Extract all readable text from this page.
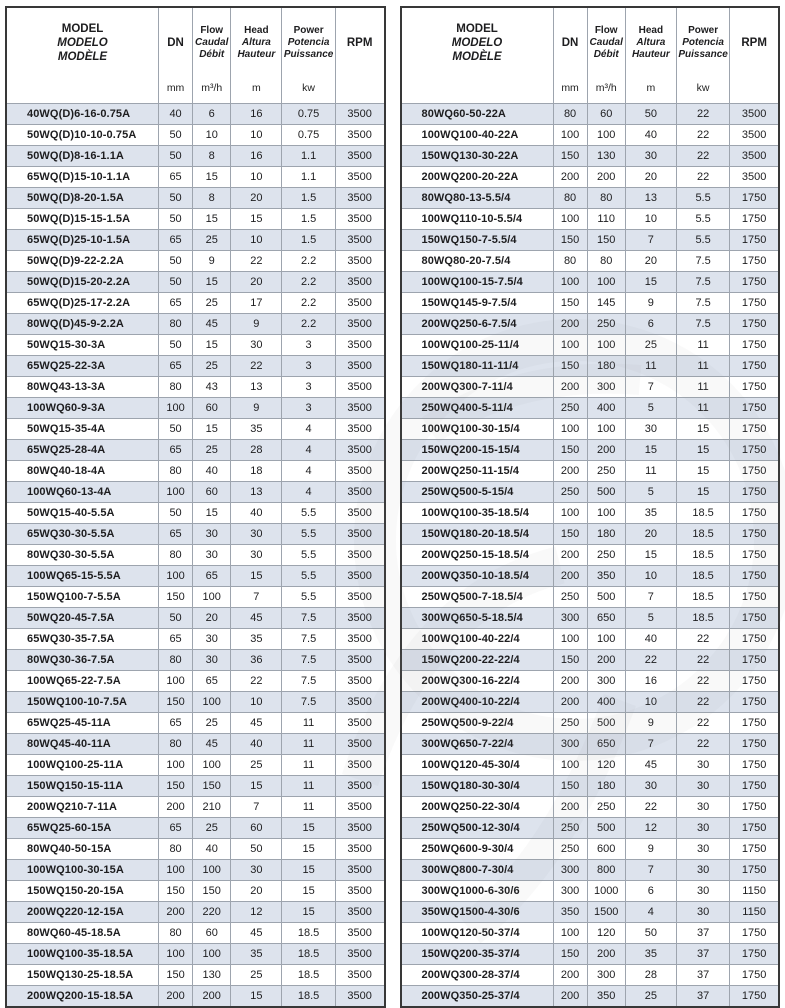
MODEL
MODELO
MODÈLE

DN
mm

Flow
Caudal
Débit
m³/h

Head
Altura
Hauteur
m

Power
Potencia
Puissance
kw

RPM

40WQ(D)6-16-0.75A	40	6	16	0.75	3500
50WQ(D)10-10-0.75A	50	10	10	0.75	3500
50WQ(D)8-16-1.1A	50	8	16	1.1	3500
65WQ(D)15-10-1.1A	65	15	10	1.1	3500
50WQ(D)8-20-1.5A	50	8	20	1.5	3500
50WQ(D)15-15-1.5A	50	15	15	1.5	3500
65WQ(D)25-10-1.5A	65	25	10	1.5	3500
50WQ(D)9-22-2.2A	50	9	22	2.2	3500
50WQ(D)15-20-2.2A	50	15	20	2.2	3500
65WQ(D)25-17-2.2A	65	25	17	2.2	3500
80WQ(D)45-9-2.2A	80	45	9	2.2	3500
50WQ15-30-3A	50	15	30	3	3500
65WQ25-22-3A	65	25	22	3	3500
80WQ43-13-3A	80	43	13	3	3500
100WQ60-9-3A	100	60	9	3	3500
50WQ15-35-4A	50	15	35	4	3500
65WQ25-28-4A	65	25	28	4	3500
80WQ40-18-4A	80	40	18	4	3500
100WQ60-13-4A	100	60	13	4	3500
50WQ15-40-5.5A	50	15	40	5.5	3500
65WQ30-30-5.5A	65	30	30	5.5	3500
80WQ30-30-5.5A	80	30	30	5.5	3500
100WQ65-15-5.5A	100	65	15	5.5	3500
150WQ100-7-5.5A	150	100	7	5.5	3500
50WQ20-45-7.5A	50	20	45	7.5	3500
65WQ30-35-7.5A	65	30	35	7.5	3500
80WQ30-36-7.5A	80	30	36	7.5	3500
100WQ65-22-7.5A	100	65	22	7.5	3500
150WQ100-10-7.5A	150	100	10	7.5	3500
65WQ25-45-11A	65	25	45	11	3500
80WQ45-40-11A	80	45	40	11	3500
100WQ100-25-11A	100	100	25	11	3500
150WQ150-15-11A	150	150	15	11	3500
200WQ210-7-11A	200	210	7	11	3500
65WQ25-60-15A	65	25	60	15	3500
80WQ40-50-15A	80	40	50	15	3500
100WQ100-30-15A	100	100	30	15	3500
150WQ150-20-15A	150	150	20	15	3500
200WQ220-12-15A	200	220	12	15	3500
80WQ60-45-18.5A	80	60	45	18.5	3500
100WQ100-35-18.5A	100	100	35	18.5	3500
150WQ130-25-18.5A	150	130	25	18.5	3500
200WQ200-15-18.5A	200	200	15	18.5	3500
MODEL
MODELO
MODÈLE

DN
mm

Flow
Caudal
Débit
m³/h

Head
Altura
Hauteur
m

Power
Potencia
Puissance
kw

RPM

80WQ60-50-22A	80	60	50	22	3500
100WQ100-40-22A	100	100	40	22	3500
150WQ130-30-22A	150	130	30	22	3500
200WQ200-20-22A	200	200	20	22	3500
80WQ80-13-5.5/4	80	80	13	5.5	1750
100WQ110-10-5.5/4	100	110	10	5.5	1750
150WQ150-7-5.5/4	150	150	7	5.5	1750
80WQ80-20-7.5/4	80	80	20	7.5	1750
100WQ100-15-7.5/4	100	100	15	7.5	1750
150WQ145-9-7.5/4	150	145	9	7.5	1750
200WQ250-6-7.5/4	200	250	6	7.5	1750
100WQ100-25-11/4	100	100	25	11	1750
150WQ180-11-11/4	150	180	11	11	1750
200WQ300-7-11/4	200	300	7	11	1750
250WQ400-5-11/4	250	400	5	11	1750
100WQ100-30-15/4	100	100	30	15	1750
150WQ200-15-15/4	150	200	15	15	1750
200WQ250-11-15/4	200	250	11	15	1750
250WQ500-5-15/4	250	500	5	15	1750
100WQ100-35-18.5/4	100	100	35	18.5	1750
150WQ180-20-18.5/4	150	180	20	18.5	1750
200WQ250-15-18.5/4	200	250	15	18.5	1750
200WQ350-10-18.5/4	200	350	10	18.5	1750
250WQ500-7-18.5/4	250	500	7	18.5	1750
300WQ650-5-18.5/4	300	650	5	18.5	1750
100WQ100-40-22/4	100	100	40	22	1750
150WQ200-22-22/4	150	200	22	22	1750
200WQ300-16-22/4	200	300	16	22	1750
200WQ400-10-22/4	200	400	10	22	1750
250WQ500-9-22/4	250	500	9	22	1750
300WQ650-7-22/4	300	650	7	22	1750
100WQ120-45-30/4	100	120	45	30	1750
150WQ180-30-30/4	150	180	30	30	1750
200WQ250-22-30/4	200	250	22	30	1750
250WQ500-12-30/4	250	500	12	30	1750
250WQ600-9-30/4	250	600	9	30	1750
300WQ800-7-30/4	300	800	7	30	1750
300WQ1000-6-30/6	300	1000	6	30	1150
350WQ1500-4-30/6	350	1500	4	30	1150
100WQ120-50-37/4	100	120	50	37	1750
150WQ200-35-37/4	150	200	35	37	1750
200WQ300-28-37/4	200	300	28	37	1750
200WQ350-25-37/4	200	350	25	37	1750
